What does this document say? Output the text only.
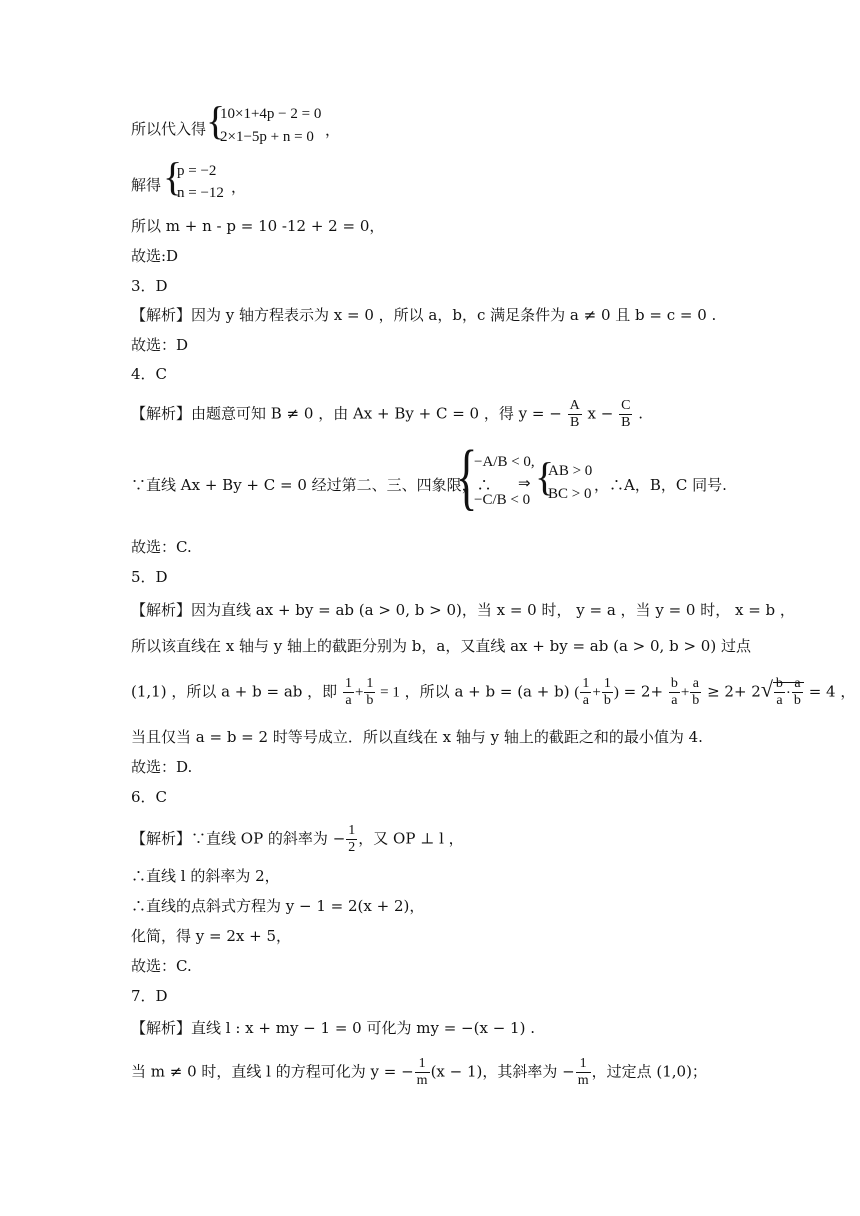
所以代入得 {
10×1+4p − 2 = 0
2×1−5p + n = 0 ，
解得 {
p = −2
n = −12 ，
所以 m + n - p = 10 -12 + 2 = 0，
故选:D
3．D
【解析】因为 y 轴方程表示为 x = 0 ，所以 a，b，c 满足条件为 a ≠ 0 且 b = c = 0 .
故选：D
4．C
【解析】由题意可知 B ≠ 0 ，由 Ax + By + C = 0 ，得 y = − $\frac{A}{B}$ $x - \frac{C}{B}$ .
∵直线 Ax + By + C = 0 经过第二、三、四象限，∴
{
−A/B < 0,
−C/B < 0
⇒ {
AB > 0
BC > 0 ，∴A，B，C 同号.
故选：C.
5．D
【解析】因为直线 ax + by = ab (a > 0, b > 0)，当 x = 0 时， y = a ，当 y = 0 时， x = b ，
所以该直线在 x 轴与 y 轴上的截距分别为 b，a，又直线 ax + by = ab (a > 0, b > 0) 过点
(1,1) ，所以 a + b = ab ，即 $\frac{1}{a} + \frac{1}{b} = 1$ ，所以 a + b = (a + b) ( $\frac{1}{a} + \frac{1}{b}$ ) = $2+ \frac{b}{a} + \frac{a}{b} \ge 2+ 2√ \frac{b}{a} \cdot \frac{a}{b} = 4$ ，
当且仅当 a = b = 2 时等号成立．所以直线在 x 轴与 y 轴上的截距之和的最小值为 4.
故选：D.
6．C
【解析】∵直线 OP 的斜率为 − $\frac{1}{2}$ ，又 OP ⊥ l ，
∴直线 l 的斜率为 2，
∴直线的点斜式方程为 y − 1 = 2(x + 2)，
化简，得 y = 2x + 5，
故选：C.
7．D
【解析】直线 l : x + my − 1 = 0 可化为 my = −(x − 1) .
当 m ≠ 0 时，直线 l 的方程可化为 y = − $\frac{1}{m} (x - 1)$，其斜率为 − $\frac{1}{m}$ ，过定点 (1,0)；
